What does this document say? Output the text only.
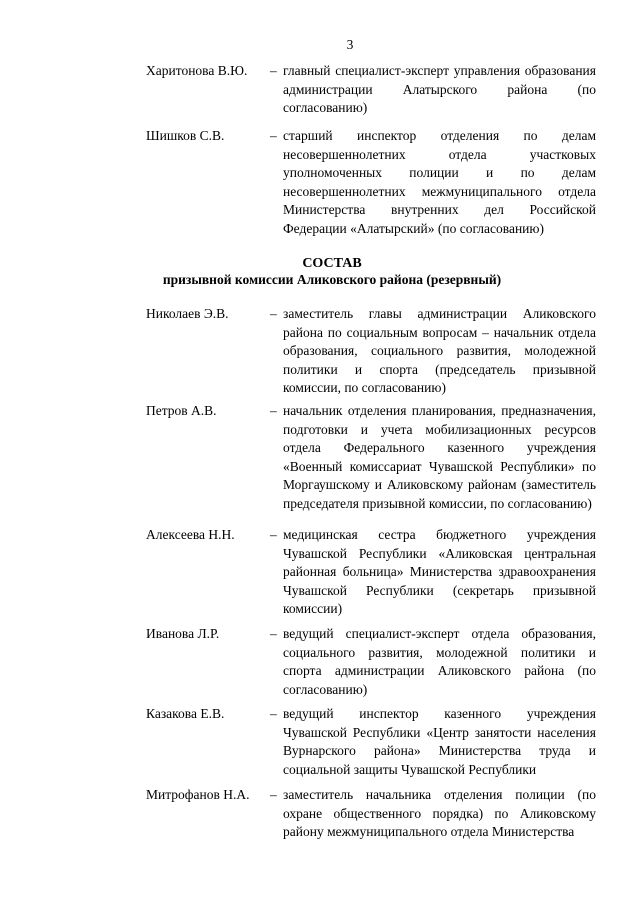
3
Харитонова В.Ю.	– главный специалист-эксперт управления образования администрации Алатырского района (по согласованию)
Шишков С.В.	– старший инспектор отделения по делам несовершеннолетних отдела участковых уполномоченных полиции и по делам несовершеннолетних межмуниципального отдела Министерства внутренних дел Российской Федерации «Алатырский» (по согласованию)
СОСТАВ
призывной комиссии Аликовского района (резервный)
Николаев Э.В.	– заместитель главы администрации Аликовского района по социальным вопросам – начальник отдела образования, социального развития, молодежной политики и спорта (председатель призывной комиссии, по согласованию)
Петров А.В.	– начальник отделения планирования, предназначения, подготовки и учета мобилизационных ресурсов отдела Федерального казенного учреждения «Военный комиссариат Чувашской Республики» по Моргаушскому и Аликовскому районам (заместитель председателя призывной комиссии, по согласованию)
Алексеева Н.Н.	– медицинская сестра бюджетного учреждения Чувашской Республики «Аликовская центральная районная больница» Министерства здравоохранения Чувашской Республики (секретарь призывной комиссии)
Иванова Л.Р.	– ведущий специалист-эксперт отдела образования, социального развития, молодежной политики и спорта администрации Аликовского района (по согласованию)
Казакова Е.В.	– ведущий инспектор казенного учреждения Чувашской Республики «Центр занятости населения Вурнарского района» Министерства труда и социальной защиты Чувашской Республики
Митрофанов Н.А.	– заместитель начальника отделения полиции (по охране общественного порядка) по Аликовскому району межмуниципального отдела Министерства
